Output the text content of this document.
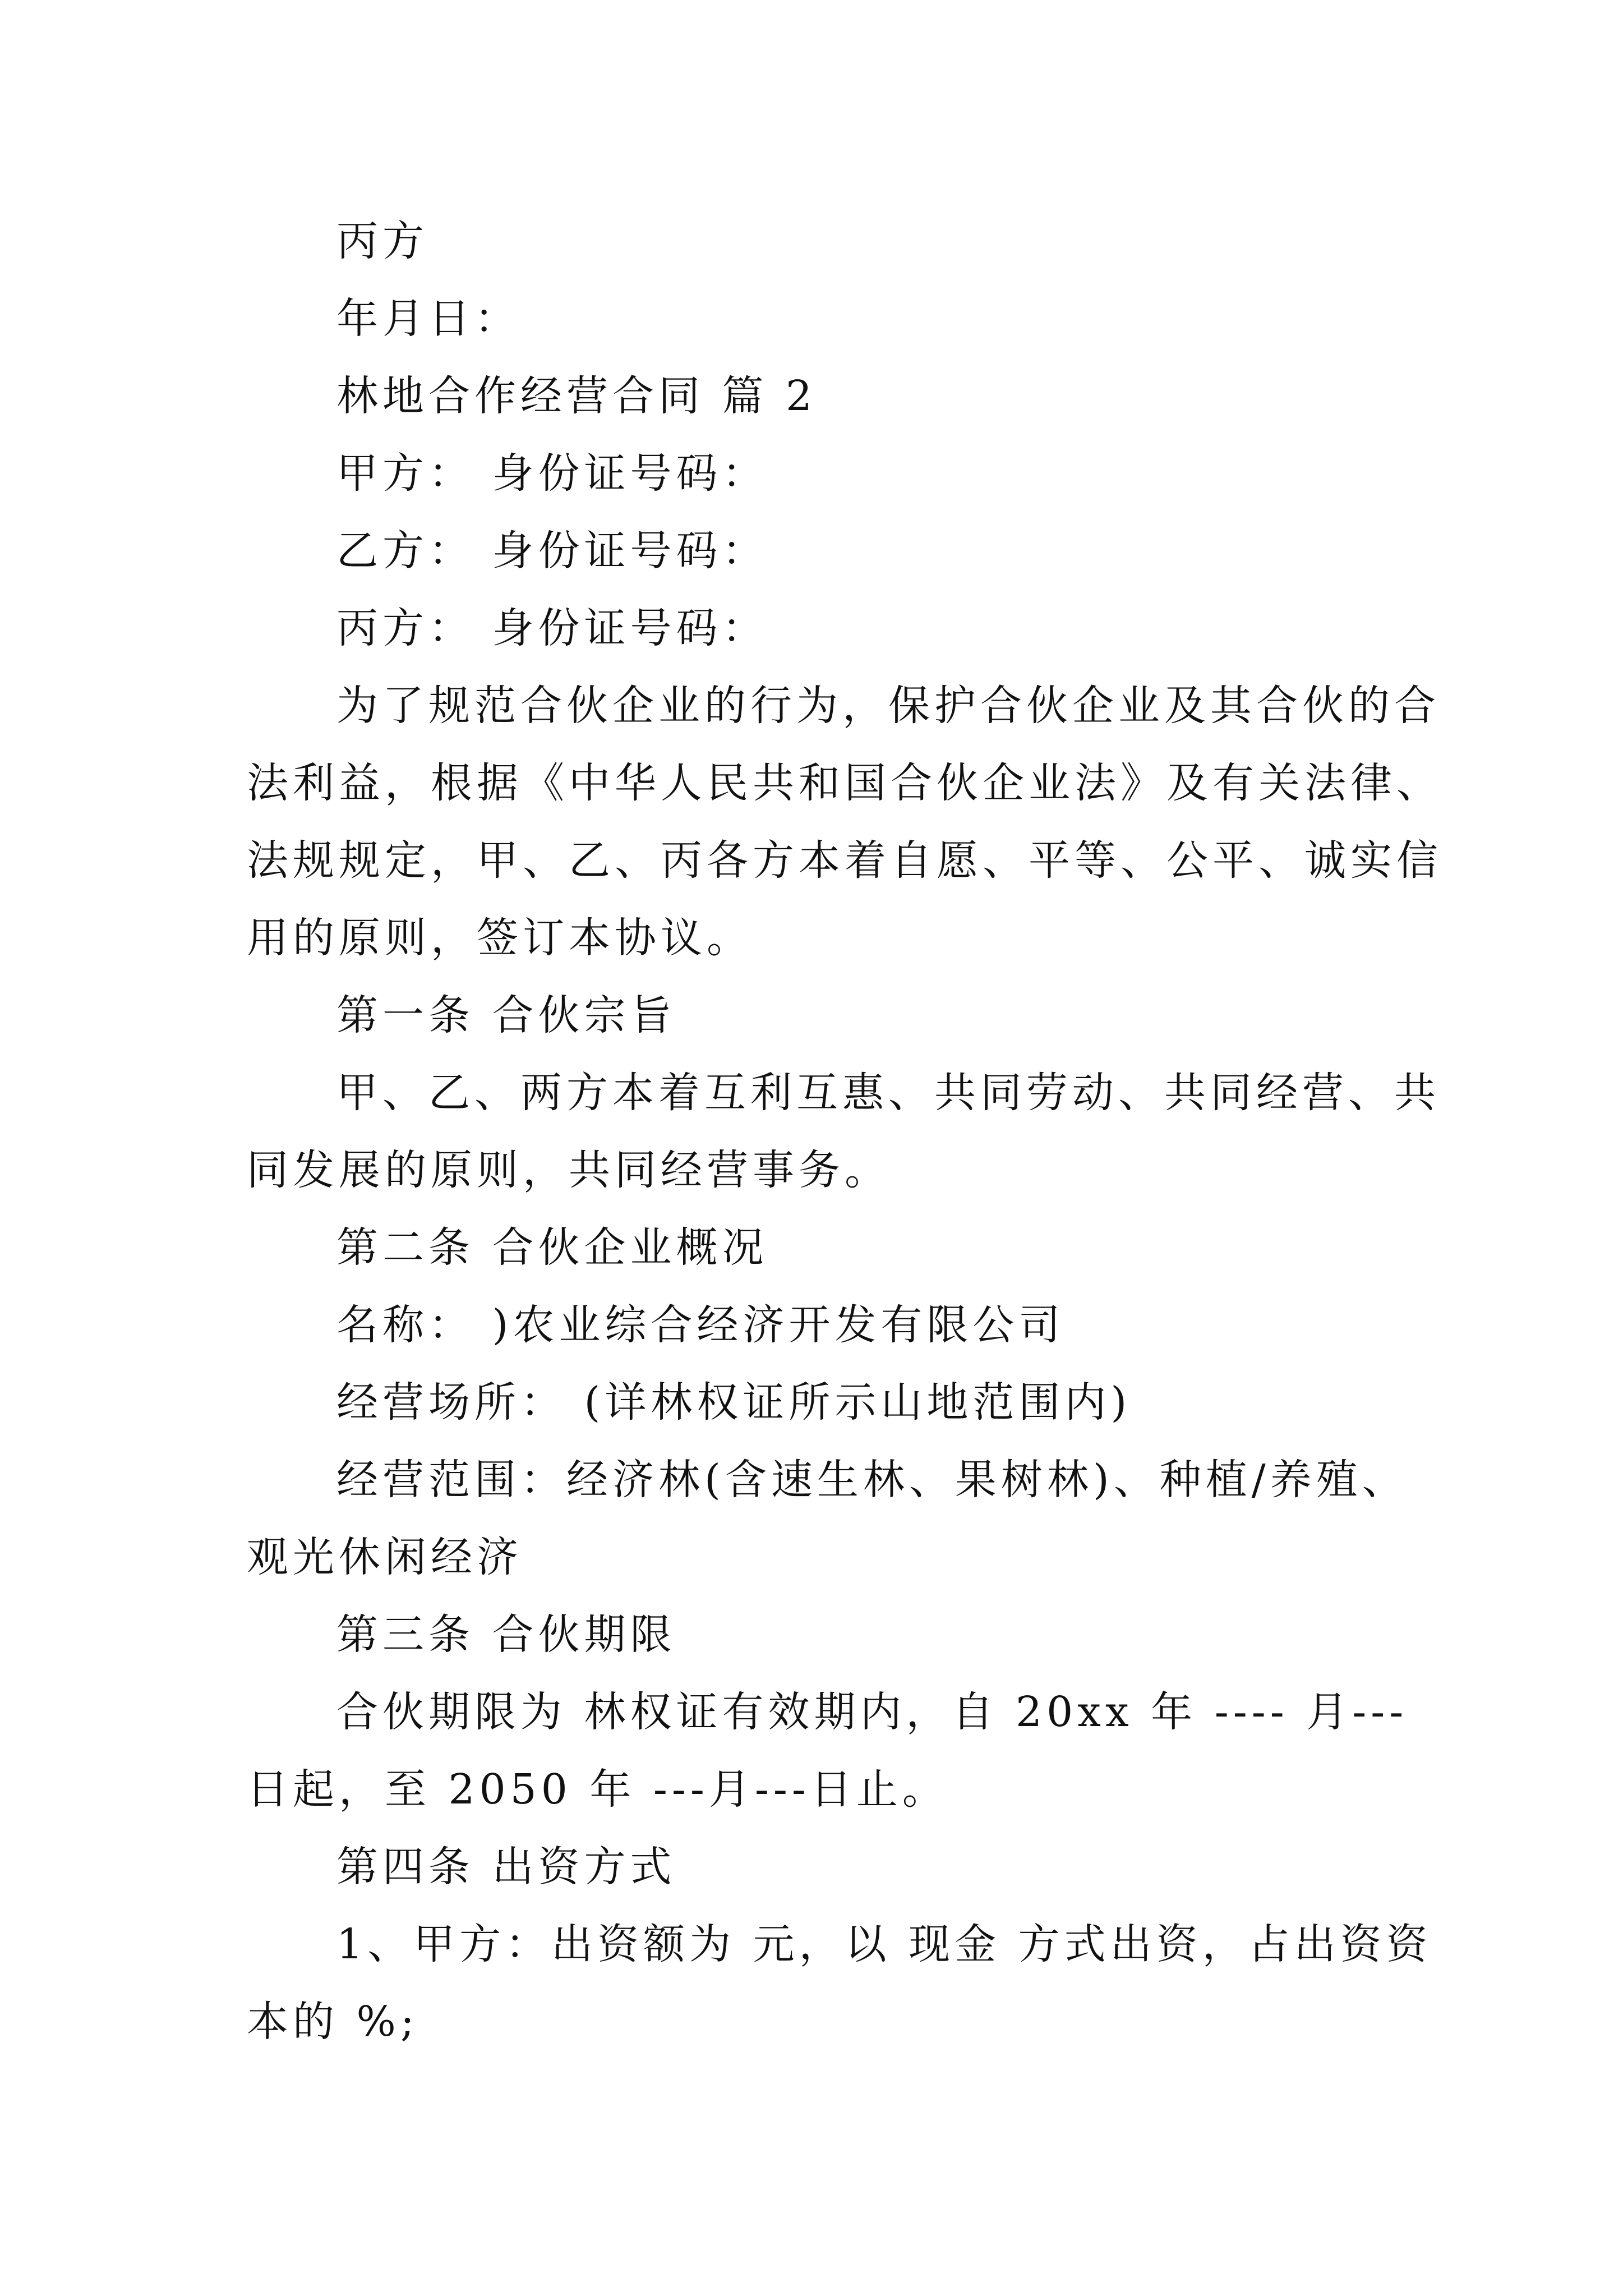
丙方

年月日：

林地合作经营合同 篇 2

甲方： 身份证号码：

乙方： 身份证号码：

丙方： 身份证号码：

为了规范合伙企业的行为，保护合伙企业及其合伙的合

法利益，根据《中华人民共和国合伙企业法》及有关法律、

法规规定，甲、乙、丙各方本着自愿、平等、公平、诚实信

用的原则，签订本协议。

第一条 合伙宗旨

甲、乙、两方本着互利互惠、共同劳动、共同经营、共

同发展的原则，共同经营事务。

第二条 合伙企业概况

名称： )农业综合经济开发有限公司

经营场所： (详林权证所示山地范围内)

经营范围：经济林(含速生林、果树林)、种植/养殖、

观光休闲经济

第三条 合伙期限

合伙期限为 林权证有效期内，自 20xx 年 ---- 月---

日起，至 2050 年 ---月---日止。

第四条 出资方式

1、甲方：出资额为 元，以 现金 方式出资，占出资资

本的 %;
